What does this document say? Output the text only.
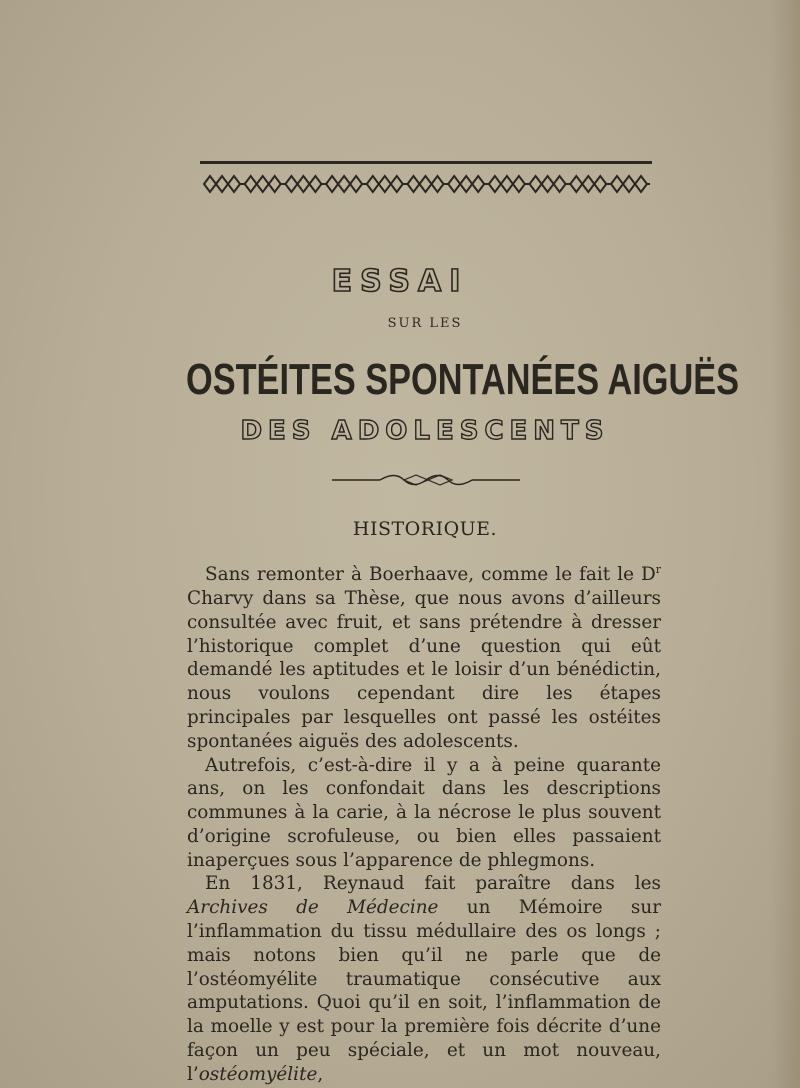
ESSAI
SUR LES
OSTÉITES SPONTANÉES AIGUËS
DES ADOLESCENTS
HISTORIQUE.

Sans remonter à Boerhaave, comme le fait le $D^r$ Charvy dans sa Thèse, que nous avons d’ailleurs consultée avec fruit, et sans prétendre à dresser l’historique complet d’une question qui eût demandé les aptitudes et le loisir d’un bénédictin, nous voulons cependant dire les étapes principales par lesquelles ont passé les ostéites spontanées aiguës des adolescents.

Autrefois, c’est-à-dire il y a à peine quarante ans, on les confondait dans les descriptions communes à la carie, à la nécrose le plus souvent d’origine scrofuleuse, ou bien elles passaient inaperçues sous l’apparence de phlegmons.

En 1831, Reynaud fait paraître dans les Archives de Médecine un Mémoire sur l’inflammation du tissu médullaire des os longs ; mais notons bien qu’il ne parle que de l’ostéomyélite traumatique consécutive aux amputations. Quoi qu’il en soit, l’inflammation de la moelle y est pour la première fois décrite d’une façon un peu spéciale, et un mot nouveau, l’ostéomyélite,
